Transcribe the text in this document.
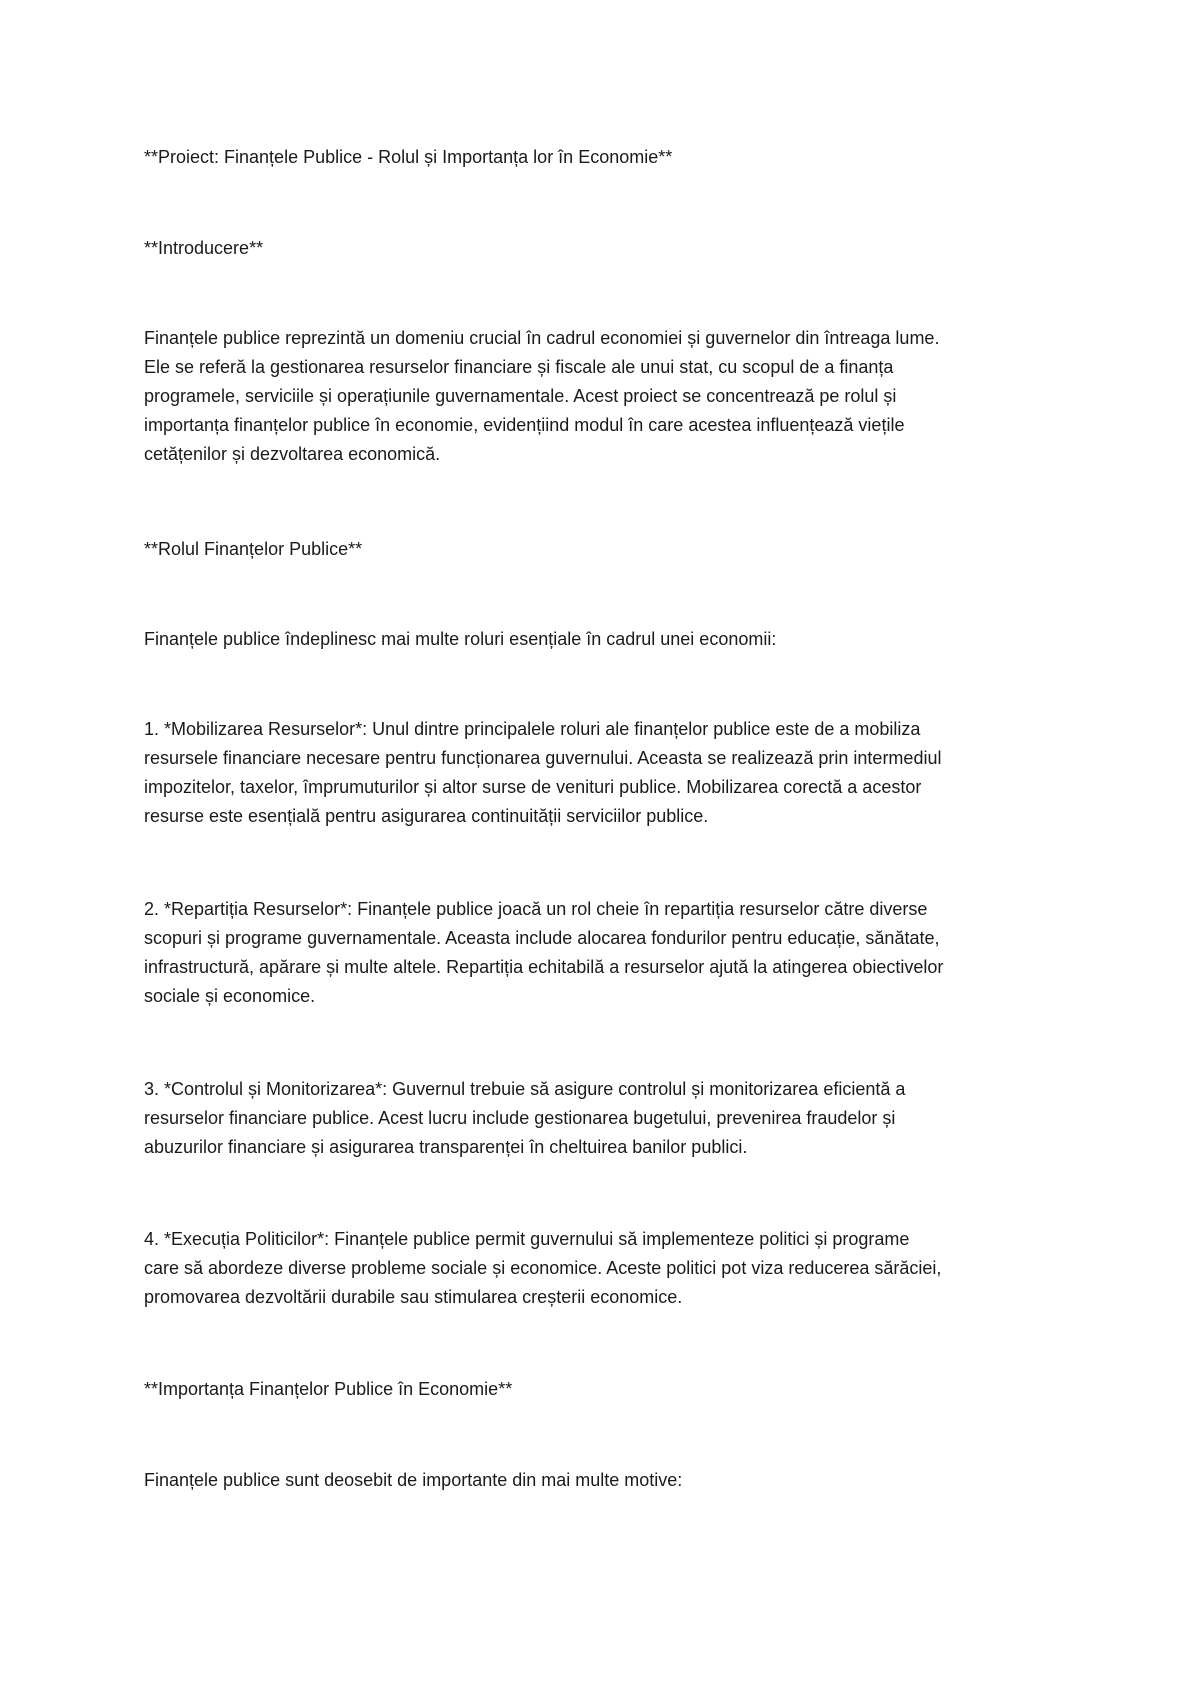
**Proiect: Finanțele Publice - Rolul și Importanța lor în Economie**

**Introducere**

Finanțele publice reprezintă un domeniu crucial în cadrul economiei și guvernelor din întreaga lume.
Ele se referă la gestionarea resurselor financiare și fiscale ale unui stat, cu scopul de a finanța
programele, serviciile și operațiunile guvernamentale. Acest proiect se concentrează pe rolul și
importanța finanțelor publice în economie, evidențiind modul în care acestea influențează viețile
cetățenilor și dezvoltarea economică.

**Rolul Finanțelor Publice**

Finanțele publice îndeplinesc mai multe roluri esențiale în cadrul unei economii:

1. *Mobilizarea Resurselor*: Unul dintre principalele roluri ale finanțelor publice este de a mobiliza
resursele financiare necesare pentru funcționarea guvernului. Aceasta se realizează prin intermediul
impozitelor, taxelor, împrumuturilor și altor surse de venituri publice. Mobilizarea corectă a acestor
resurse este esențială pentru asigurarea continuității serviciilor publice.

2. *Repartiția Resurselor*: Finanțele publice joacă un rol cheie în repartiția resurselor către diverse
scopuri și programe guvernamentale. Aceasta include alocarea fondurilor pentru educație, sănătate,
infrastructură, apărare și multe altele. Repartiția echitabilă a resurselor ajută la atingerea obiectivelor
sociale și economice.

3. *Controlul și Monitorizarea*: Guvernul trebuie să asigure controlul și monitorizarea eficientă a
resurselor financiare publice. Acest lucru include gestionarea bugetului, prevenirea fraudelor și
abuzurilor financiare și asigurarea transparenței în cheltuirea banilor publici.

4. *Execuția Politicilor*: Finanțele publice permit guvernului să implementeze politici și programe
care să abordeze diverse probleme sociale și economice. Aceste politici pot viza reducerea sărăciei,
promovarea dezvoltării durabile sau stimularea creșterii economice.

**Importanța Finanțelor Publice în Economie**

Finanțele publice sunt deosebit de importante din mai multe motive:
